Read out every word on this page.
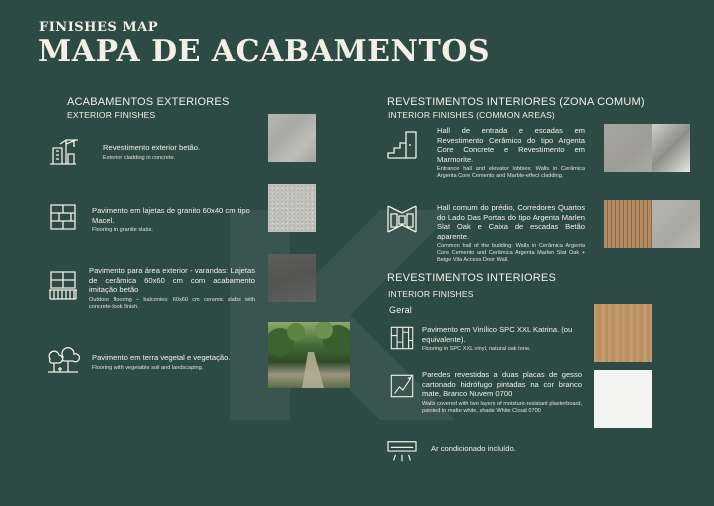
FINISHES MAP
MAPA DE ACABAMENTOS
ACABAMENTOS EXTERIORES
EXTERIOR FINISHES
Revestimento exterior betão.
Exterior cladding in concrete.
Pavimento em lajetas de granito 60x40 cm tipo Macel.
Flooring in granite slabs.
Pavimento para área exterior - varandas: Lajetas de cerâmica 60x60 cm com acabamento imitação betão
Outdoor flooring – balconies: 60x60 cm ceramic slabs with concrete-look finish.
Pavimento em terra vegetal e vegetação.
Flooring with vegetable soil and landscaping.
REVESTIMENTOS INTERIORES (ZONA COMUM)
INTERIOR FINISHES (COMMON AREAS)
Hall de entrada e escadas em Revestimento Cerâmico do tipo Argenta Core Concrete e Revestimento em Marmorite.
Entrance hall and elevator lobbies: Walls in Cerâmica Argenta Core Cemento and Marble-effect cladding.
Hall comum do prédio, Corredores Quartos do Lado Das Portas do tipo Argenta Marlen Slat Oak e Caixa de escadas Betão aparente.
Common hall of the building: Walls in Cerâmica Argenta Core Cemento and Cerâmica Argenta Marlen Slat Oak + Beige Vila Access Door Wall.
REVESTIMENTOS INTERIORES
INTERIOR FINISHES
Geral
Pavimento em Vinílico SPC XXL Katrina. (ou equivalente).
Flooring in SPC XXL vinyl, natural oak tone.
Paredes revestidas a duas placas de gesso cartonado hidrófugo pintadas na cor branco mate, Branco Nuvem 0700
Walls covered with two layers of moisture-resistant plasterboard, painted in matte white, shade White Cloud 0700
Ar condicionado incluído.
